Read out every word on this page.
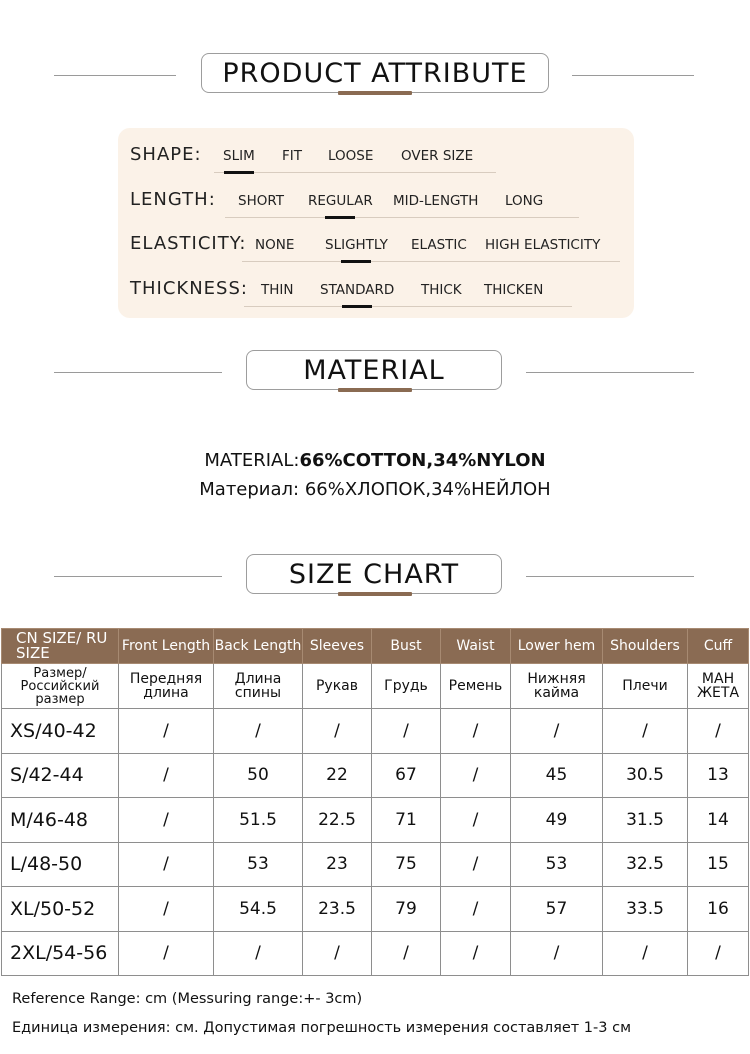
PRODUCT ATTRIBUTE
SHAPE: SLIM FIT LOOSE OVER SIZE
LENGTH: SHORT REGULAR MID-LENGTH LONG
ELASTICITY: NONE SLIGHTLY ELASTIC HIGH ELASTICITY
THICKNESS: THIN STANDARD THICK THICKEN
MATERIAL
MATERIAL:66%COTTON,34%NYLON
Материал: 66%ХЛОПОК,34%НЕЙЛОН
SIZE CHART
CN SIZE/ RU SIZE	Front Length	Back Length	Sleeves	Bust	Waist	Lower hem	Shoulders	Cuff
Размер/ Российский размер	Передняя длина	Длина спины	Рукав	Грудь	Ремень	Нижняя кайма	Плечи	МАН ЖЕТА
XS/40-42	/	/	/	/	/	/	/	/
S/42-44	/	50	22	67	/	45	30.5	13
M/46-48	/	51.5	22.5	71	/	49	31.5	14
L/48-50	/	53	23	75	/	53	32.5	15
XL/50-52	/	54.5	23.5	79	/	57	33.5	16
2XL/54-56	/	/	/	/	/	/	/	/
Reference Range: cm (Messuring range:+- 3cm)
Единица измерения: см. Допустимая погрешность измерения составляет 1-3 см
